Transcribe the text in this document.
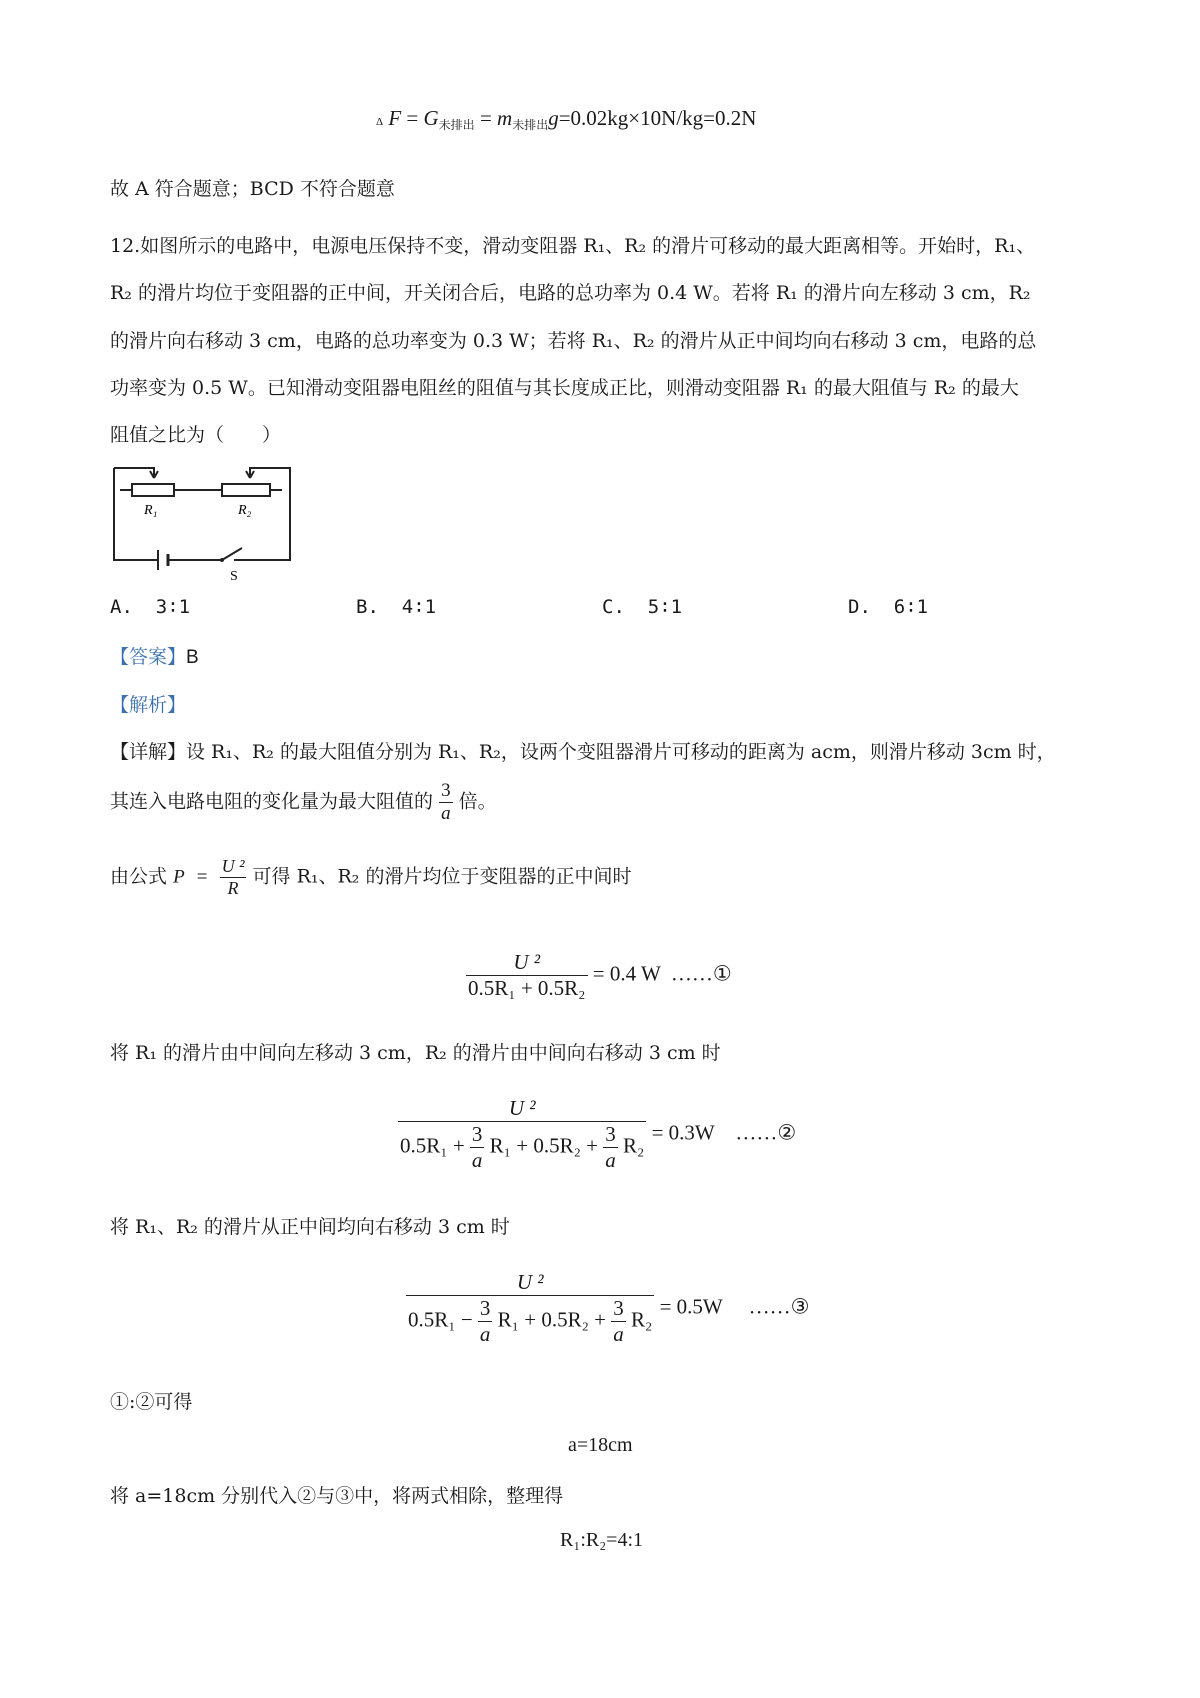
Δ $F = G_{未排出} = m_{未排出}g=0.02kg\times 10N/kg=0.2N$
故 A 符合题意；BCD 不符合题意
12.如图所示的电路中，电源电压保持不变，滑动变阻器 R₁、R₂ 的滑片可移动的最大距离相等。开始时，R₁、
R₂ 的滑片均位于变阻器的正中间，开关闭合后，电路的总功率为 0.4 W。若将 R₁ 的滑片向左移动 3 cm，R₂
的滑片向右移动 3 cm，电路的总功率变为 0.3 W；若将 R₁、R₂ 的滑片从正中间均向右移动 3 cm，电路的总
功率变为 0.5 W。已知滑动变阻器电阻丝的阻值与其长度成正比，则滑动变阻器 R₁ 的最大阻值与 R₂ 的最大
阻值之比为（　　）
R₁	R₂
S
A. 3∶1	B. 4∶1	C. 5∶1	D. 6∶1
【答案】B
【解析】
【详解】设 R₁、R₂ 的最大阻值分别为 R₁、R₂，设两个变阻器滑片可移动的距离为 acm，则滑片移动 3cm 时，
其连入电路电阻的变化量为最大阻值的 $\frac{3}{a}$ 倍。
由公式 $P = \frac{\text{U ²}}{R}$ 可得 R₁、R₂ 的滑片均位于变阻器的正中间时
$\frac{\text{U ²}}{\text{0.5R₁ + 0.5R₂}} = 0.4$ W ……①
将 R₁ 的滑片由中间向左移动 3 cm，R₂ 的滑片由中间向右移动 3 cm 时
$\frac{\text{U ²}}{0.5R_1 + \frac{3}{a} R_1 + 0.5R_2 + \frac{3}{a} R_2} = 0.3W$ ……②
将 R₁、R₂ 的滑片从正中间均向右移动 3 cm 时
$\frac{\text{U ²}}{0.5R_1 - \frac{3}{a} R_1 + 0.5R_2 + \frac{3}{a} R_2} = 0.5W$ ……③
①:②可得
a=18cm
将 a=18cm 分别代入②与③中，将两式相除，整理得
R₁:R₂=4:1
